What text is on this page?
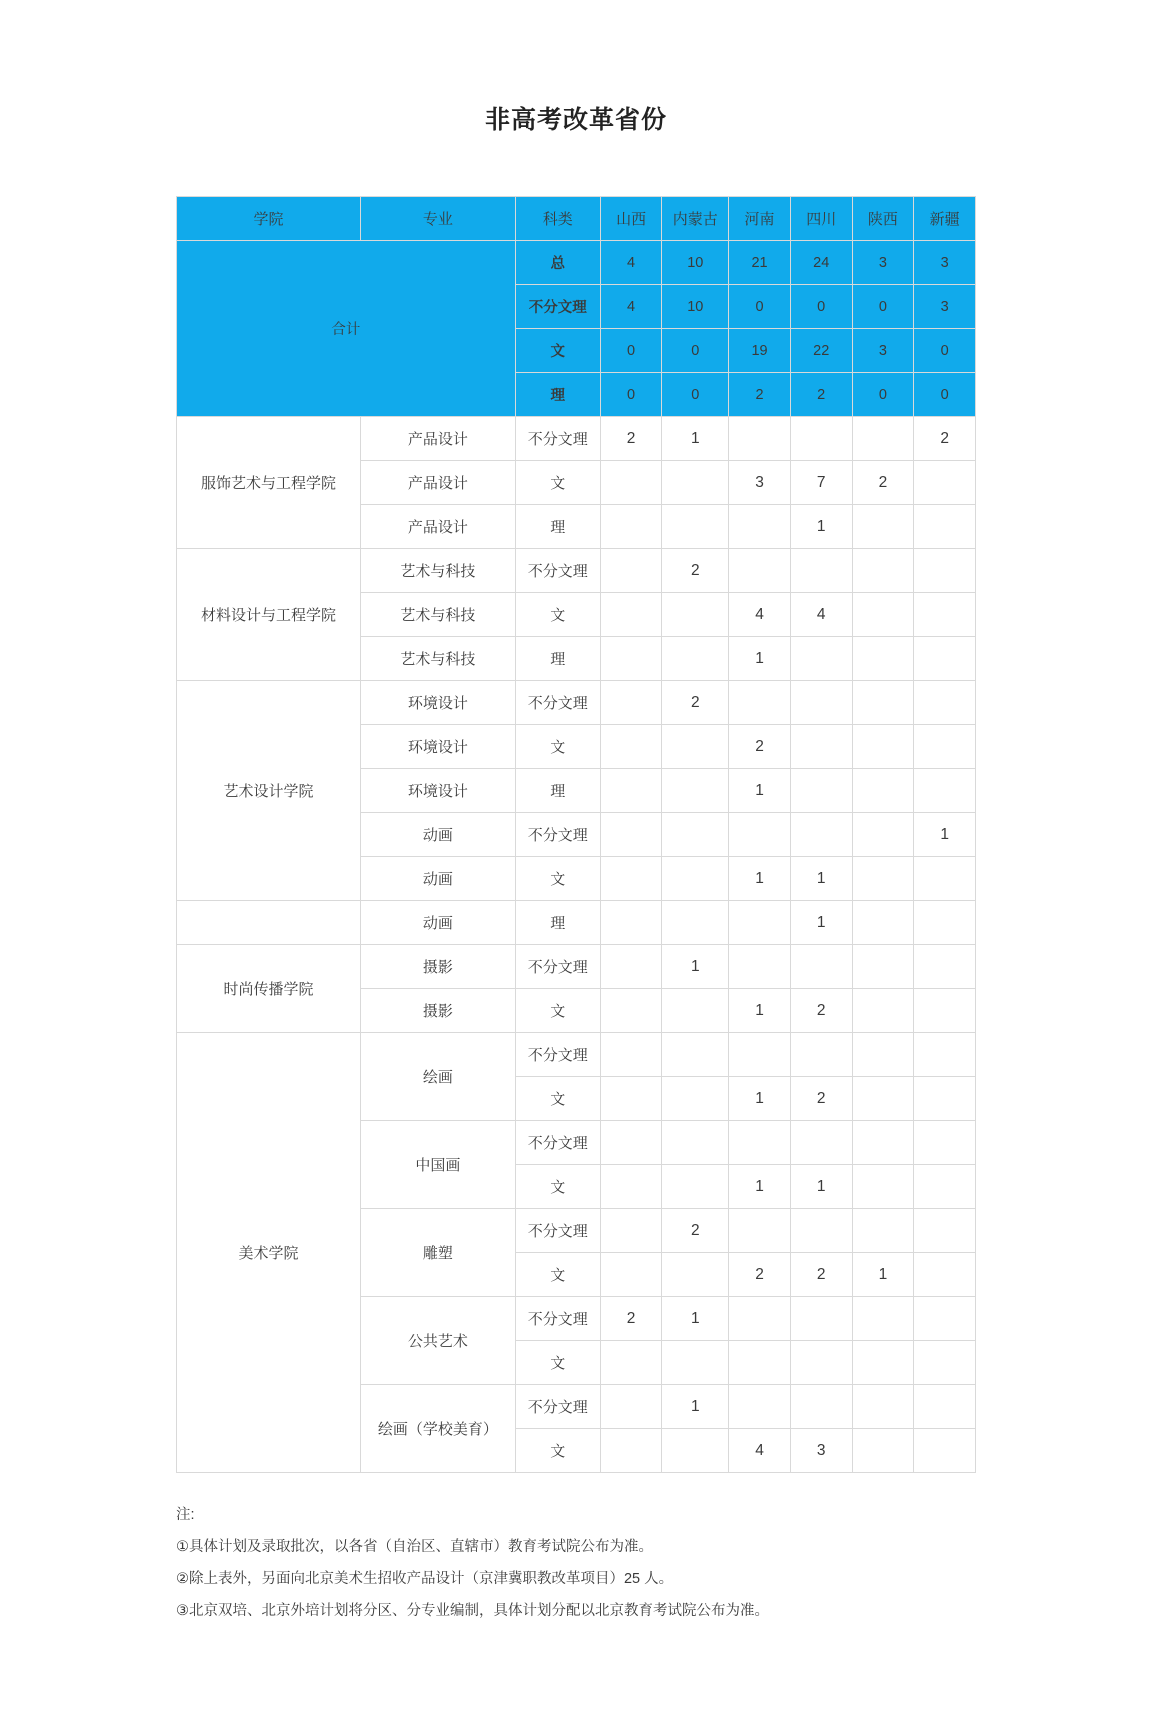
非高考改革省份
学院	专业	科类	山西	内蒙古	河南	四川	陕西	新疆
合计		总	4	10	21	24	3	3
		不分文理	4	10	0	0	0	3
		文	0	0	19	22	3	0
		理	0	0	2	2	0	0
服饰艺术与工程学院	产品设计	不分文理	2	1				2
	产品设计	文			3	7	2	
	产品设计	理				1		
材料设计与工程学院	艺术与科技	不分文理		2				
	艺术与科技	文			4	4		
	艺术与科技	理			1			
艺术设计学院	环境设计	不分文理		2				
	环境设计	文			2			
	环境设计	理			1			
	动画	不分文理						1
	动画	文			1	1		
	动画	理				1		
时尚传播学院	摄影	不分文理		1				
	摄影	文			1	2		
美术学院	绘画	不分文理						
		文			1	2		
	中国画	不分文理						
		文			1	1		
	雕塑	不分文理		2				
		文			2	2	1	
	公共艺术	不分文理	2	1				
		文						
	绘画（学校美育）	不分文理		1				
		文			4	3		
注:
①具体计划及录取批次，以各省（自治区、直辖市）教育考试院公布为准。
②除上表外，另面向北京美术生招收产品设计（京津冀职教改革项目）25 人。
③北京双培、北京外培计划将分区、分专业编制，具体计划分配以北京教育考试院公布为准。
